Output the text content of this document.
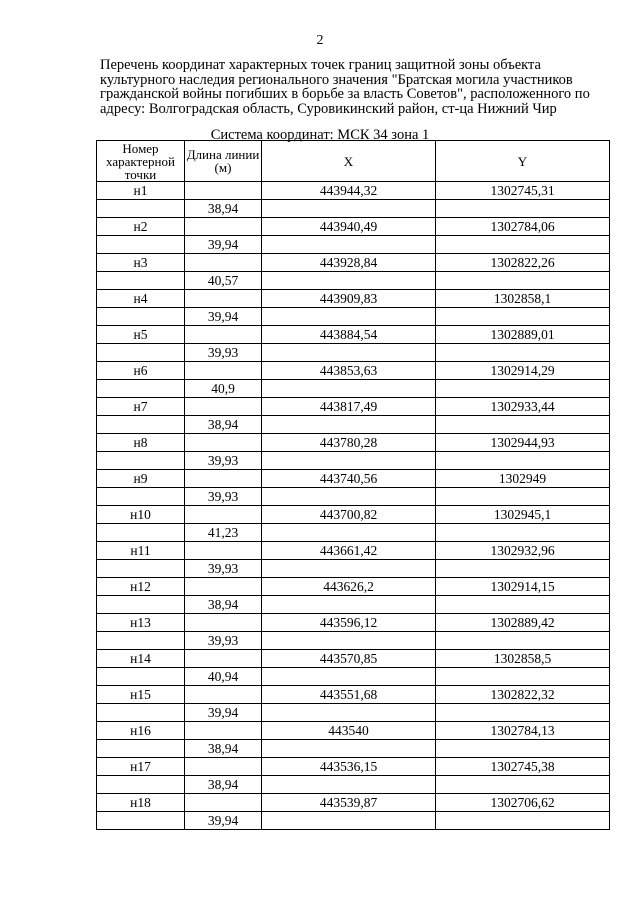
2
Перечень координат характерных точек границ защитной зоны объекта
культурного наследия регионального значения "Братская могила участников
гражданской войны погибших в борьбе за власть Советов", расположенного по
адресу: Волгоградская область, Суровикинский район, ст-ца Нижний Чир
Система координат: МСК 34 зона 1
Номер характерной точки	Длина линии (м)	X	Y
н1		443944,32	1302745,31
	38,94		
н2		443940,49	1302784,06
	39,94		
н3		443928,84	1302822,26
	40,57		
н4		443909,83	1302858,1
	39,94		
н5		443884,54	1302889,01
	39,93		
н6		443853,63	1302914,29
	40,9		
н7		443817,49	1302933,44
	38,94		
н8		443780,28	1302944,93
	39,93		
н9		443740,56	1302949
	39,93		
н10		443700,82	1302945,1
	41,23		
н11		443661,42	1302932,96
	39,93		
н12		443626,2	1302914,15
	38,94		
н13		443596,12	1302889,42
	39,93		
н14		443570,85	1302858,5
	40,94		
н15		443551,68	1302822,32
	39,94		
н16		443540	1302784,13
	38,94		
н17		443536,15	1302745,38
	38,94		
н18		443539,87	1302706,62
	39,94		
